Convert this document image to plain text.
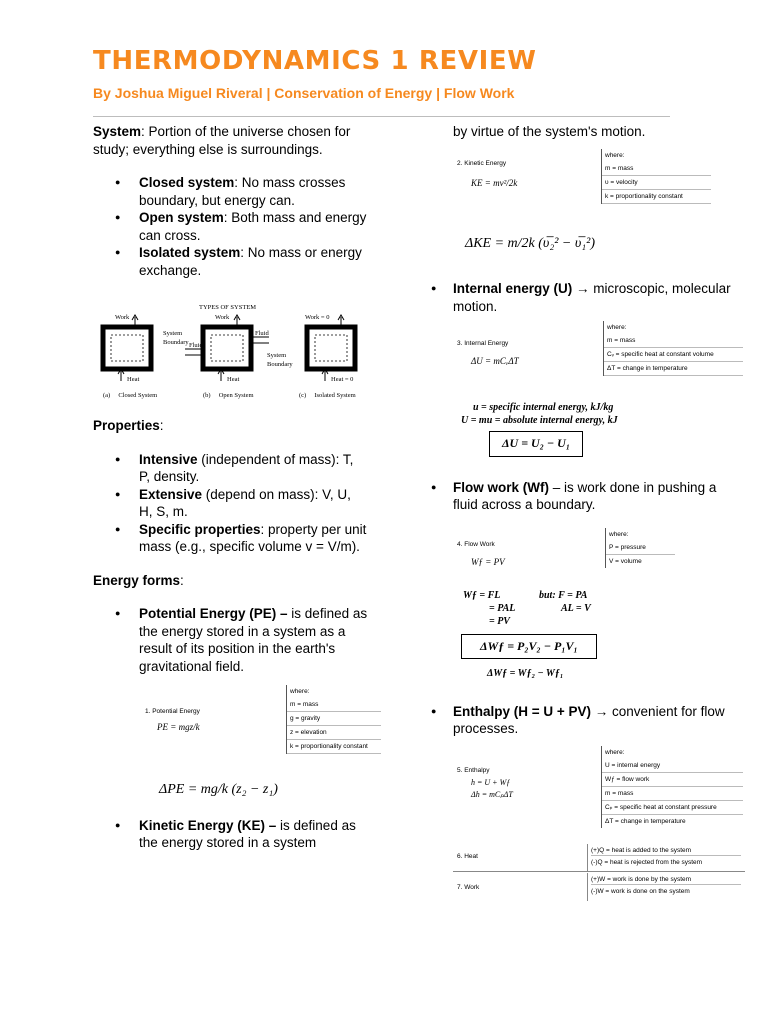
THERMODYNAMICS 1 REVIEW
By Joshua Miguel Riveral | Conservation of Energy | Flow Work

System: Portion of the universe chosen for study; everything else is surroundings.

● Closed system: No mass crosses boundary, but energy can.
● Open system: Both mass and energy can cross.
● Isolated system: No mass or energy exchange.
TYPES OF SYSTEM
Work
System Boundary
Heat
Work
Fluid
Fluid
System Boundary
Heat
Work = 0
Heat = 0
(a)     Closed System	(b)     Open System	(c)     Isolated System

Properties:

● Intensive (independent of mass): T, P, density.
● Extensive (depend on mass): V, U, H, S, m.
● Specific properties: property per unit mass (e.g., specific volume v = V/m).

Energy forms:

● Potential Energy (PE) – is defined as the energy stored in a system as a result of its position in the earth's gravitational field.
1. Potential Energy
PE = mgz/k
where:
m = mass
g = gravity
z = elevation
k = proportionality constant
ΔPE = mg/k (z₂ − z₁)
● Kinetic Energy (KE) – is defined as the energy stored in a system

by virtue of the system's motion.

2. Kinetic Energy
KE = mv²/2k
where:
m = mass
υ = velocity
k = proportionality constant
ΔKE = m/2k (υ̅₂² − υ̅₁²)
● Internal energy (U) → microscopic, molecular motion.
3. Internal Energy
ΔU = mCᵥΔT
where:
m = mass
Cᵥ = specific heat at constant volume
ΔT = change in temperature
u = specific internal energy, kJ/kg
U = mu = absolute internal energy, kJ
ΔU = U₂ − U₁
● Flow work (Wf) – is work done in pushing a fluid across a boundary.
4. Flow Work
Wƒ = PV
where:
P = pressure
V = volume
Wƒ = FL
= PAL
= PV
but: F = PA
AL = V
ΔWƒ = P₂V₂ − P₁V₁
ΔWƒ = Wƒ₂ − Wƒ₁
● Enthalpy (H = U + PV) → convenient for flow processes.
5. Enthalpy
h = U + Wƒ
Δh = mCₚΔT
where:
U = internal energy
Wƒ = flow work
m = mass
Cₚ = specific heat at constant pressure
ΔT = change in temperature
6. Heat
(+)Q = heat is added to the system
(-)Q = heat is rejected from the system
7. Work
(+)W = work is done by the system
(-)W = work is done on the system
